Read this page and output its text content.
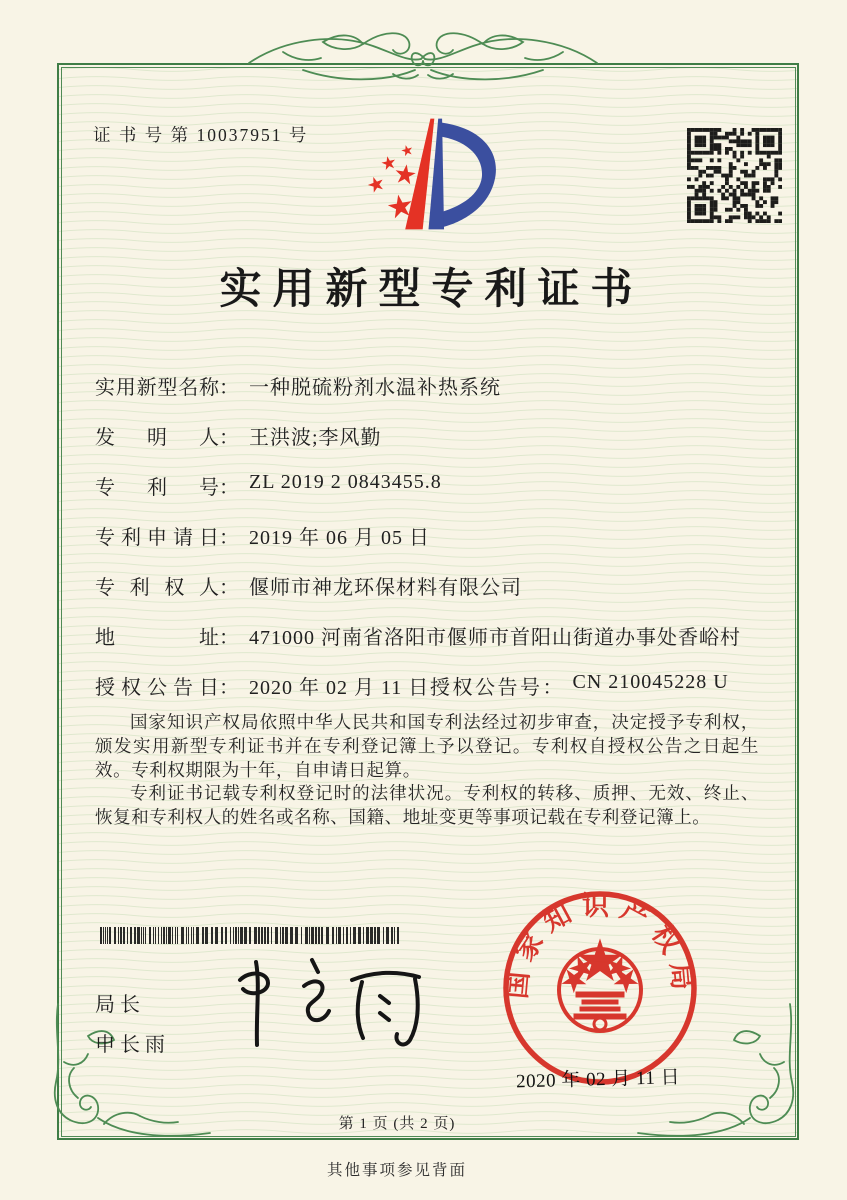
证 书 号 第 10037951 号
实用新型专利证书
实用新型名称： 一种脱硫粉剂水温补热系统
发明人： 王洪波;李风勤
专利号： ZL 2019 2 0843455.8
专利申请日： 2019 年 06 月 05 日
专利权人： 偃师市神龙环保材料有限公司
地址： 471000 河南省洛阳市偃师市首阳山街道办事处香峪村
授权公告日： 2020 年 02 月 11 日 授权公告号： CN 210045228 U

国家知识产权局依照中华人民共和国专利法经过初步审查，决定授予专利权，颁发实用新型专利证书并在专利登记簿上予以登记。专利权自授权公告之日起生效。专利权期限为十年，自申请日起算。

专利证书记载专利权登记时的法律状况。专利权的转移、质押、无效、终止、恢复和专利权人的姓名或名称、国籍、地址变更等事项记载在专利登记簿上。

局长
申长雨
国家知识产权局
2020 年 02 月 11 日
第 1 页 (共 2 页)
其他事项参见背面
